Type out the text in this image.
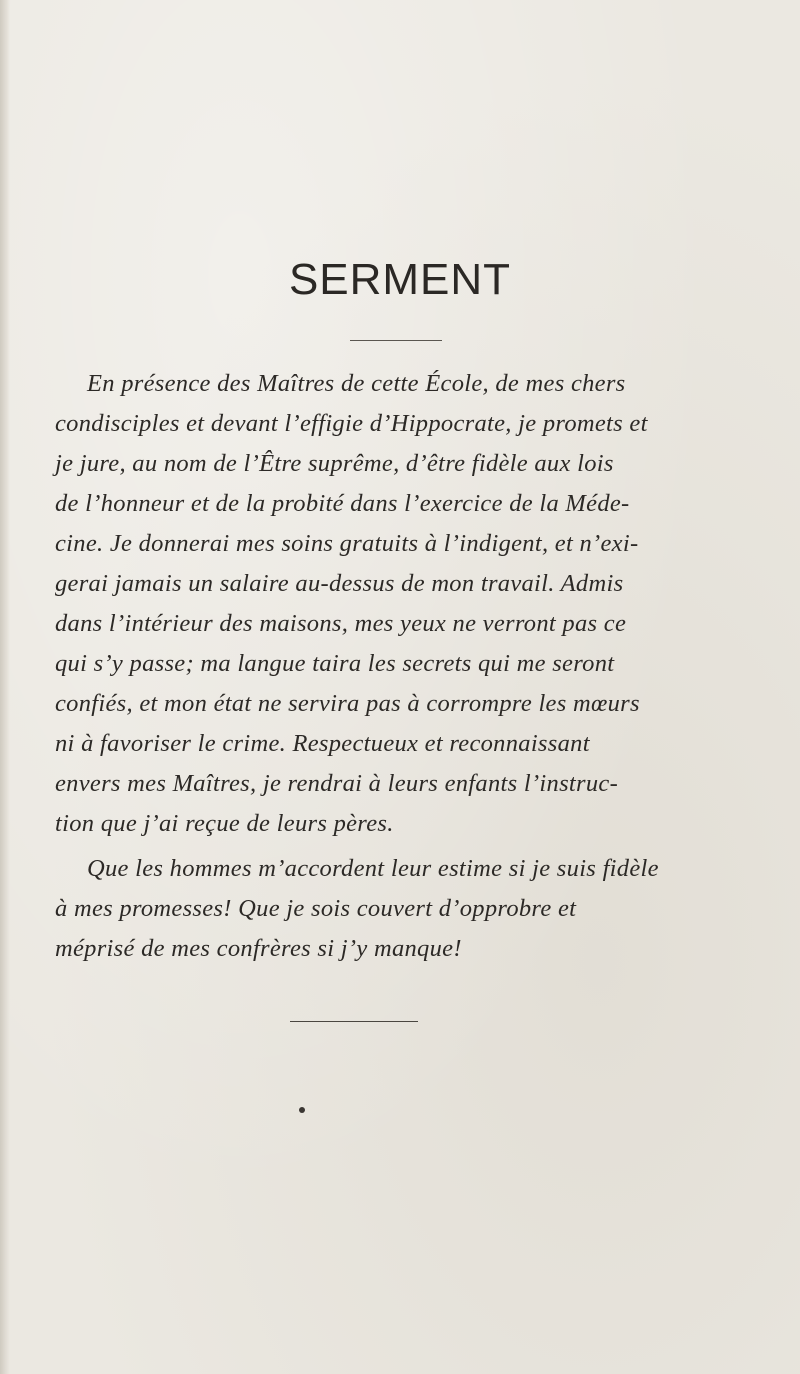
SERMENT
En présence des Maîtres de cette École, de mes chers
condisciples et devant l’effigie d’Hippocrate, je promets et
je jure, au nom de l’Être suprême, d’être fidèle aux lois
de l’honneur et de la probité dans l’exercice de la Méde-
cine. Je donnerai mes soins gratuits à l’indigent, et n’exi-
gerai jamais un salaire au-dessus de mon travail. Admis
dans l’intérieur des maisons, mes yeux ne verront pas ce
qui s’y passe; ma langue taira les secrets qui me seront
confiés, et mon état ne servira pas à corrompre les mœurs
ni à favoriser le crime. Respectueux et reconnaissant
envers mes Maîtres, je rendrai à leurs enfants l’instruc-
tion que j’ai reçue de leurs pères.
Que les hommes m’accordent leur estime si je suis fidèle
à mes promesses! Que je sois couvert d’opprobre et
méprisé de mes confrères si j’y manque!
